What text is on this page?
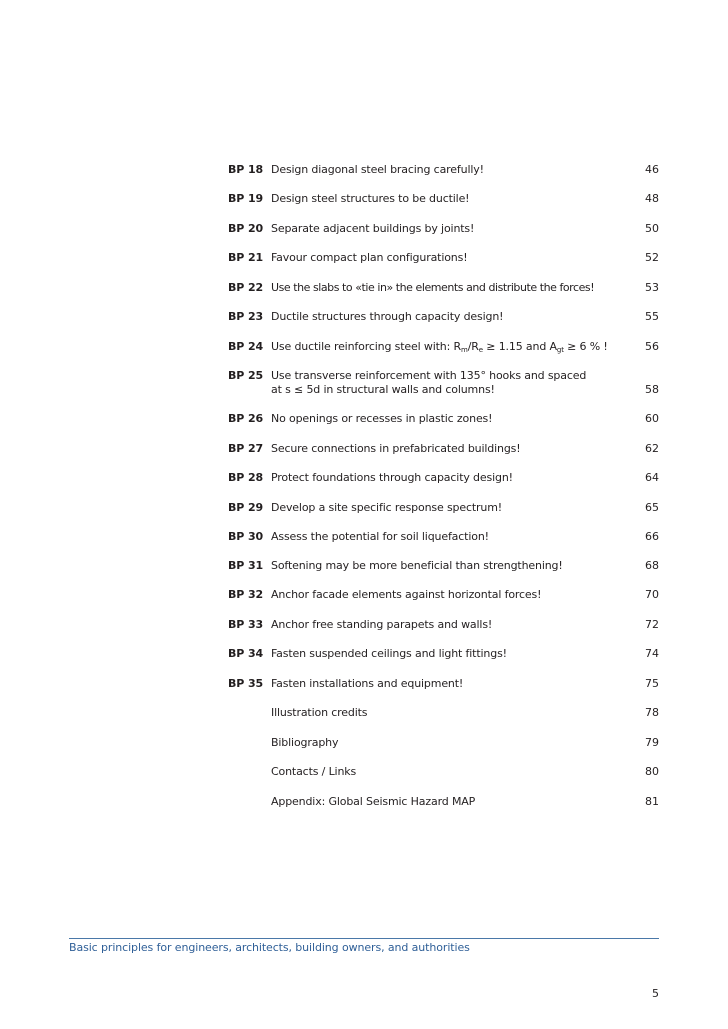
BP 18 Design diagonal steel bracing carefully!	46
BP 19 Design steel structures to be ductile!	48
BP 20 Separate adjacent buildings by joints!	50
BP 21 Favour compact plan configurations!	52
BP 22 Use the slabs to «tie in» the elements and distribute the forces!	53
BP 23 Ductile structures through capacity design!	55
BP 24 Use ductile reinforcing steel with: $R_m/R_e \ge 1.15$ and $A_{gt} \ge 6$ % !	56
BP 25 Use transverse reinforcement with 135° hooks and spaced
at s ≤ 5d in structural walls and columns!	58
BP 26 No openings or recesses in plastic zones!	60
BP 27 Secure connections in prefabricated buildings!	62
BP 28 Protect foundations through capacity design!	64
BP 29 Develop a site specific response spectrum!	65
BP 30 Assess the potential for soil liquefaction!	66
BP 31 Softening may be more beneficial than strengthening!	68
BP 32 Anchor facade elements against horizontal forces!	70
BP 33 Anchor free standing parapets and walls!	72
BP 34 Fasten suspended ceilings and light fittings!	74
BP 35 Fasten installations and equipment!	75
Illustration credits	78
Bibliography	79
Contacts / Links	80
Appendix: Global Seismic Hazard MAP	81
Basic principles for engineers, architects, building owners, and authorities
5
